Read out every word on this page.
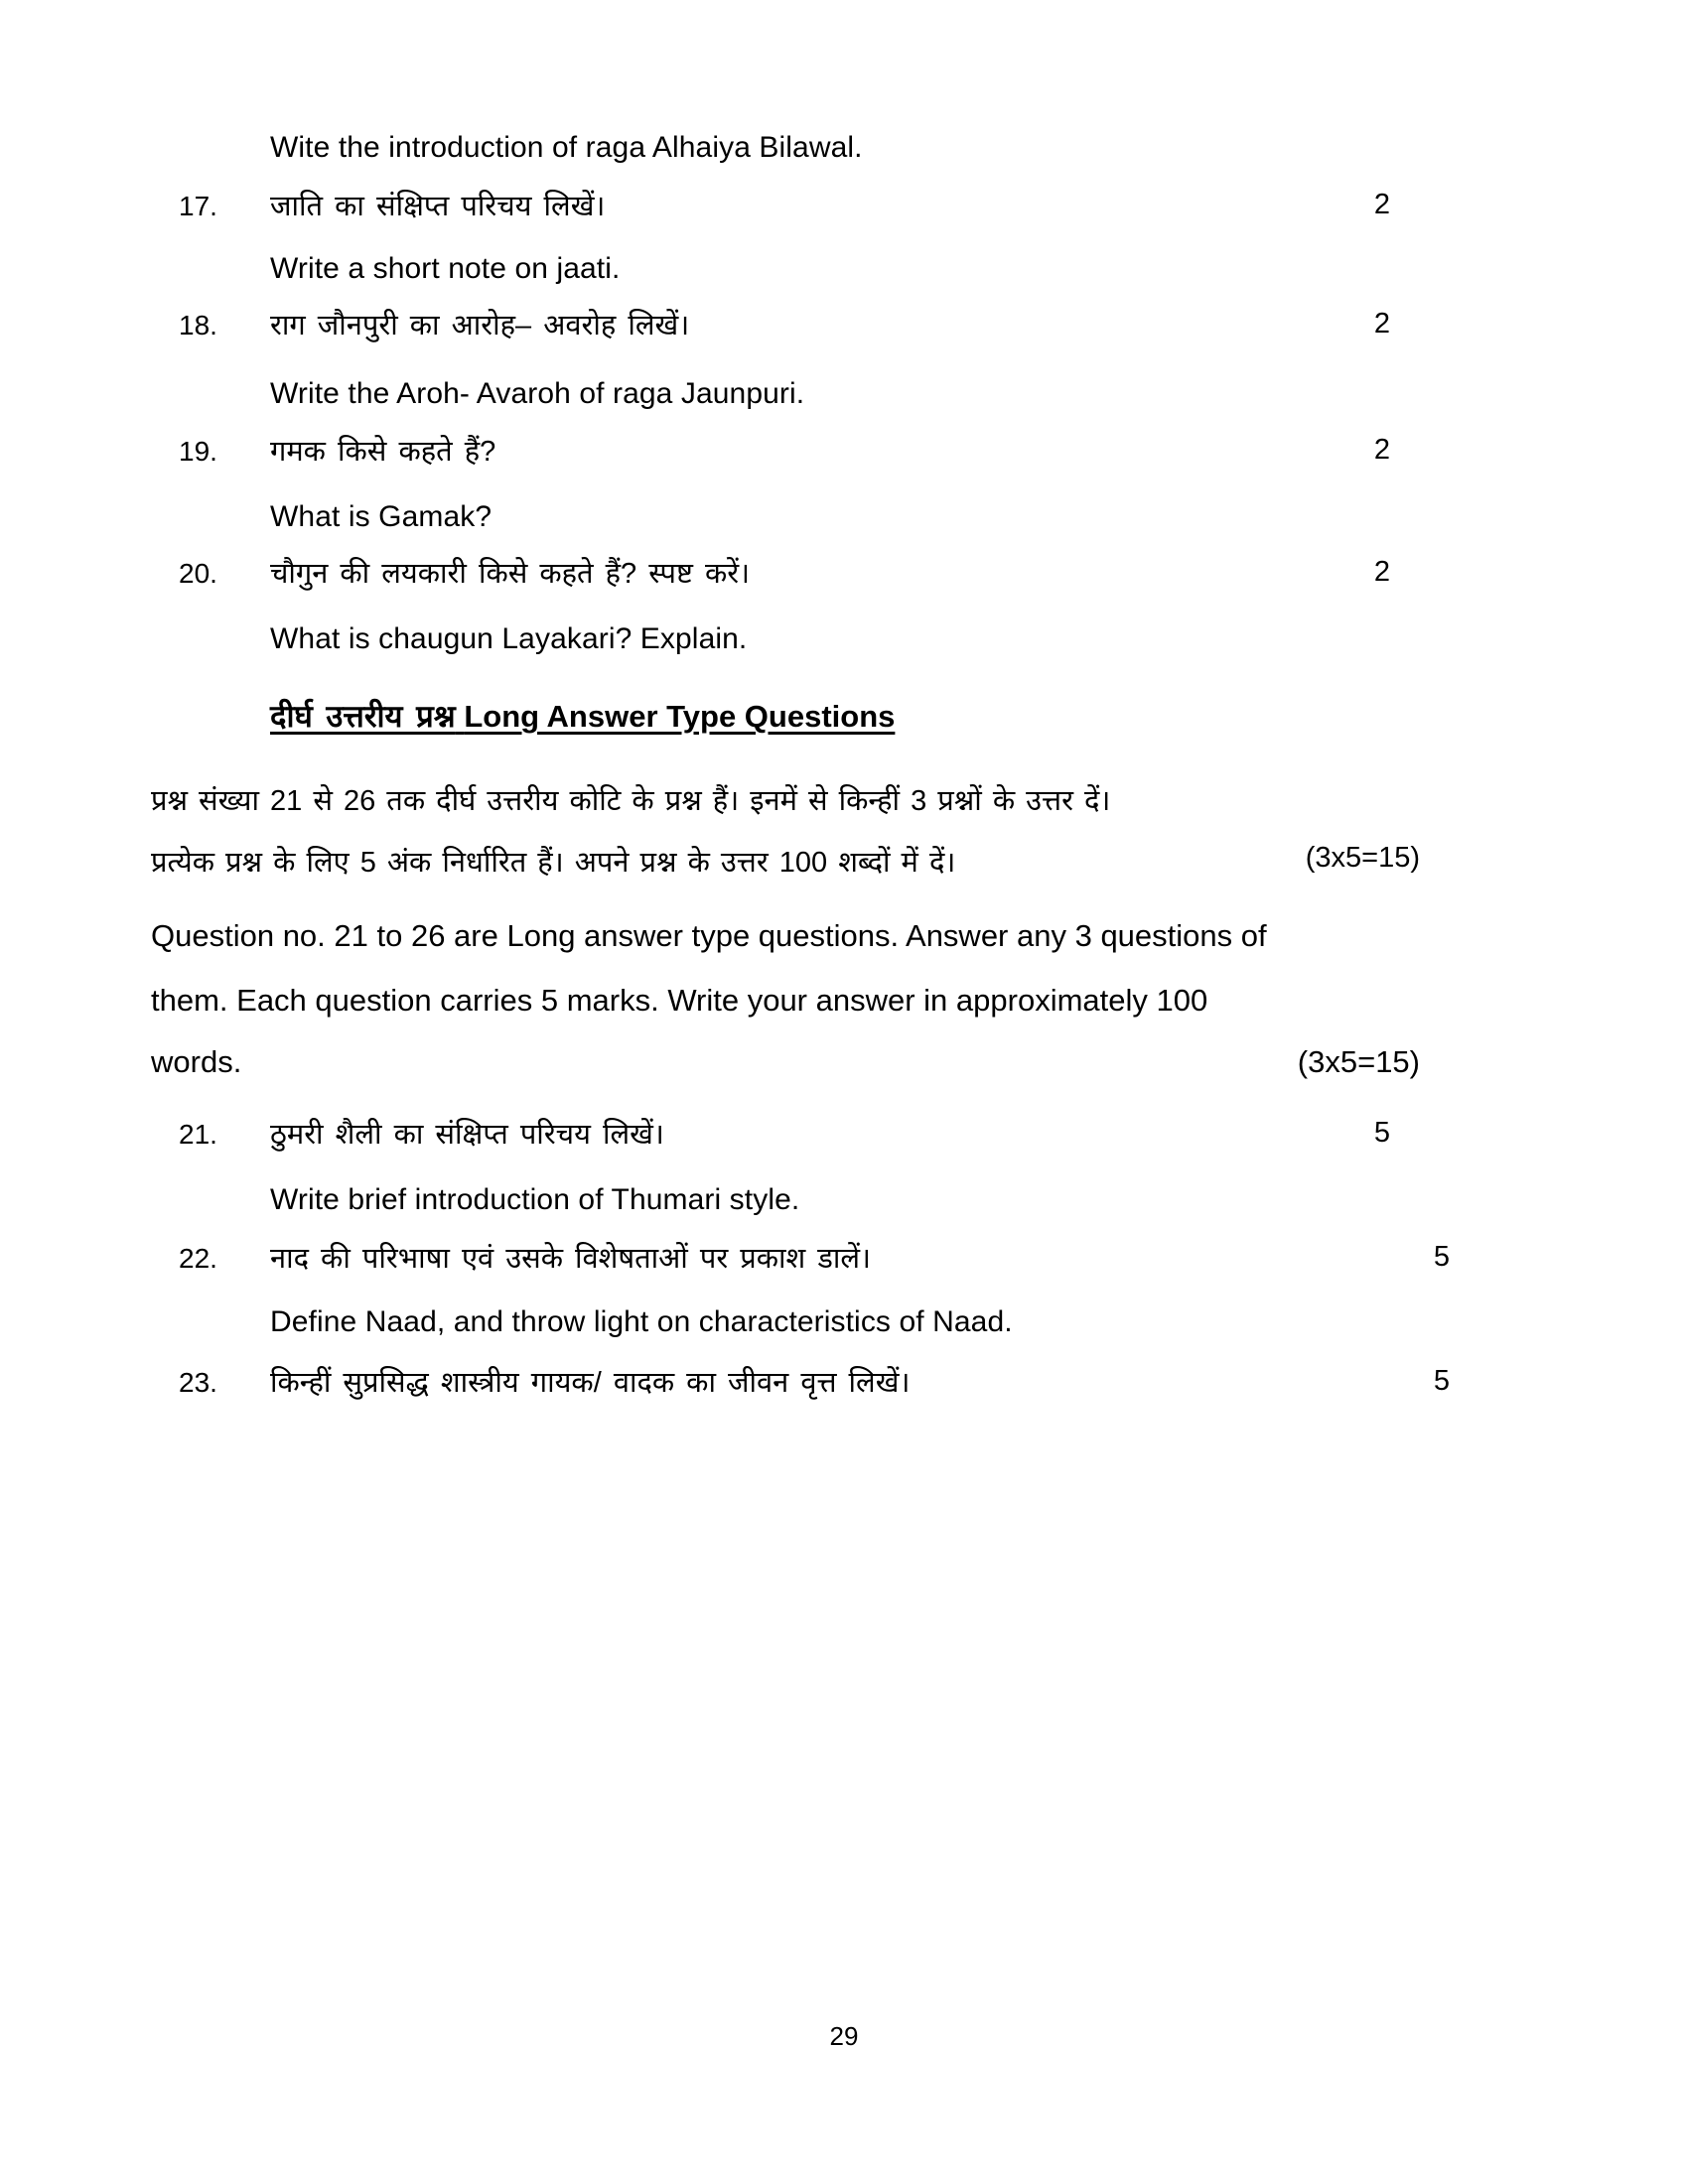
Wite the introduction of raga Alhaiya Bilawal.
17.	जाति का संक्षिप्त परिचय लिखें।	2
Write a short note on jaati.
18.	राग जौनपुरी का आरोह– अवरोह लिखें।	2
Write the Aroh- Avaroh of raga Jaunpuri.
19.	गमक किसे कहते हैं?	2
What is Gamak?
20.	चौगुन की लयकारी किसे कहते हैं? स्पष्ट करें।	2
What is chaugun Layakari? Explain.
दीर्घ उत्तरीय प्रश्न Long Answer Type Questions
प्रश्न संख्या 21 से 26 तक दीर्घ उत्तरीय कोटि के प्रश्न हैं। इनमें से किन्हीं 3 प्रश्नों के उत्तर दें।
प्रत्येक प्रश्न के लिए 5 अंक निर्धारित हैं। अपने प्रश्न के उत्तर 100 शब्दों में दें।	(3x5=15)
Question no. 21 to 26 are Long answer type questions. Answer any 3 questions of
them. Each question carries 5 marks. Write your answer in approximately 100
words.	(3x5=15)
21.	ठुमरी शैली का संक्षिप्त परिचय लिखें।	5
Write brief introduction of Thumari style.
22.	नाद की परिभाषा एवं उसके विशेषताओं पर प्रकाश डालें।	5
Define Naad, and throw light on characteristics of Naad.
23.	किन्हीं सुप्रसिद्ध शास्त्रीय गायक/ वादक का जीवन वृत्त लिखें।	5
29
